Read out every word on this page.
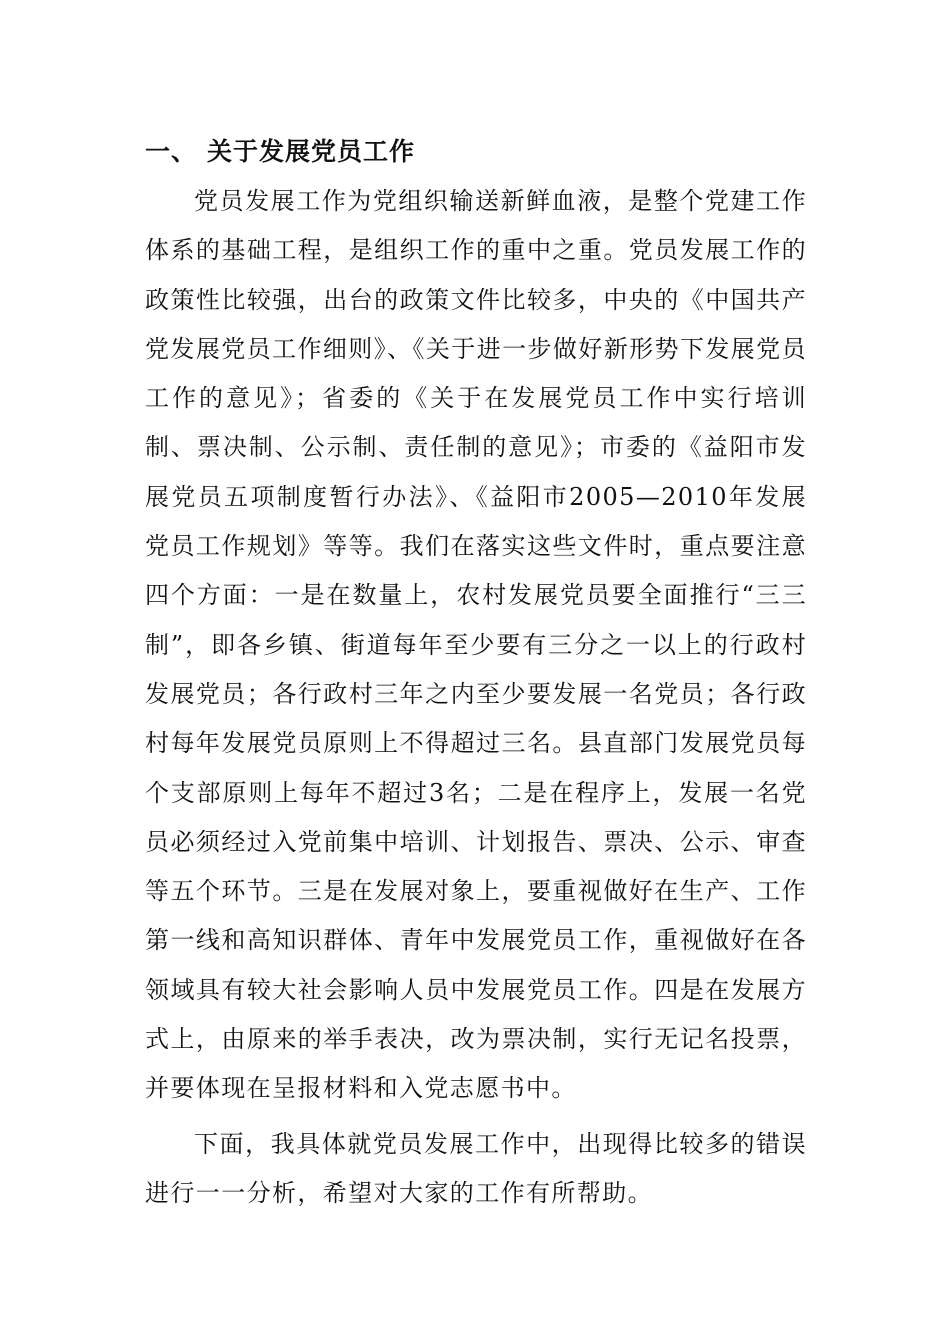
一、 关于发展党员工作

党员发展工作为党组织输送新鲜血液，是整个党建工作体系的基础工程，是组织工作的重中之重。党员发展工作的政策性比较强，出台的政策文件比较多，中央的《中国共产党发展党员工作细则》、《关于进一步做好新形势下发展党员工作的意见》；省委的《关于在发展党员工作中实行培训制、票决制、公示制、责任制的意见》；市委的《益阳市发展党员五项制度暂行办法》、《益阳市2005—2010年发展党员工作规划》等等。我们在落实这些文件时，重点要注意四个方面：一是在数量上，农村发展党员要全面推行“三三制”，即各乡镇、街道每年至少要有三分之一以上的行政村发展党员；各行政村三年之内至少要发展一名党员；各行政村每年发展党员原则上不得超过三名。县直部门发展党员每个支部原则上每年不超过3名；二是在程序上，发展一名党员必须经过入党前集中培训、计划报告、票决、公示、审查等五个环节。三是在发展对象上，要重视做好在生产、工作第一线和高知识群体、青年中发展党员工作，重视做好在各领域具有较大社会影响人员中发展党员工作。四是在发展方式上，由原来的举手表决，改为票决制，实行无记名投票，并要体现在呈报材料和入党志愿书中。

下面，我具体就党员发展工作中，出现得比较多的错误进行一一分析，希望对大家的工作有所帮助。
